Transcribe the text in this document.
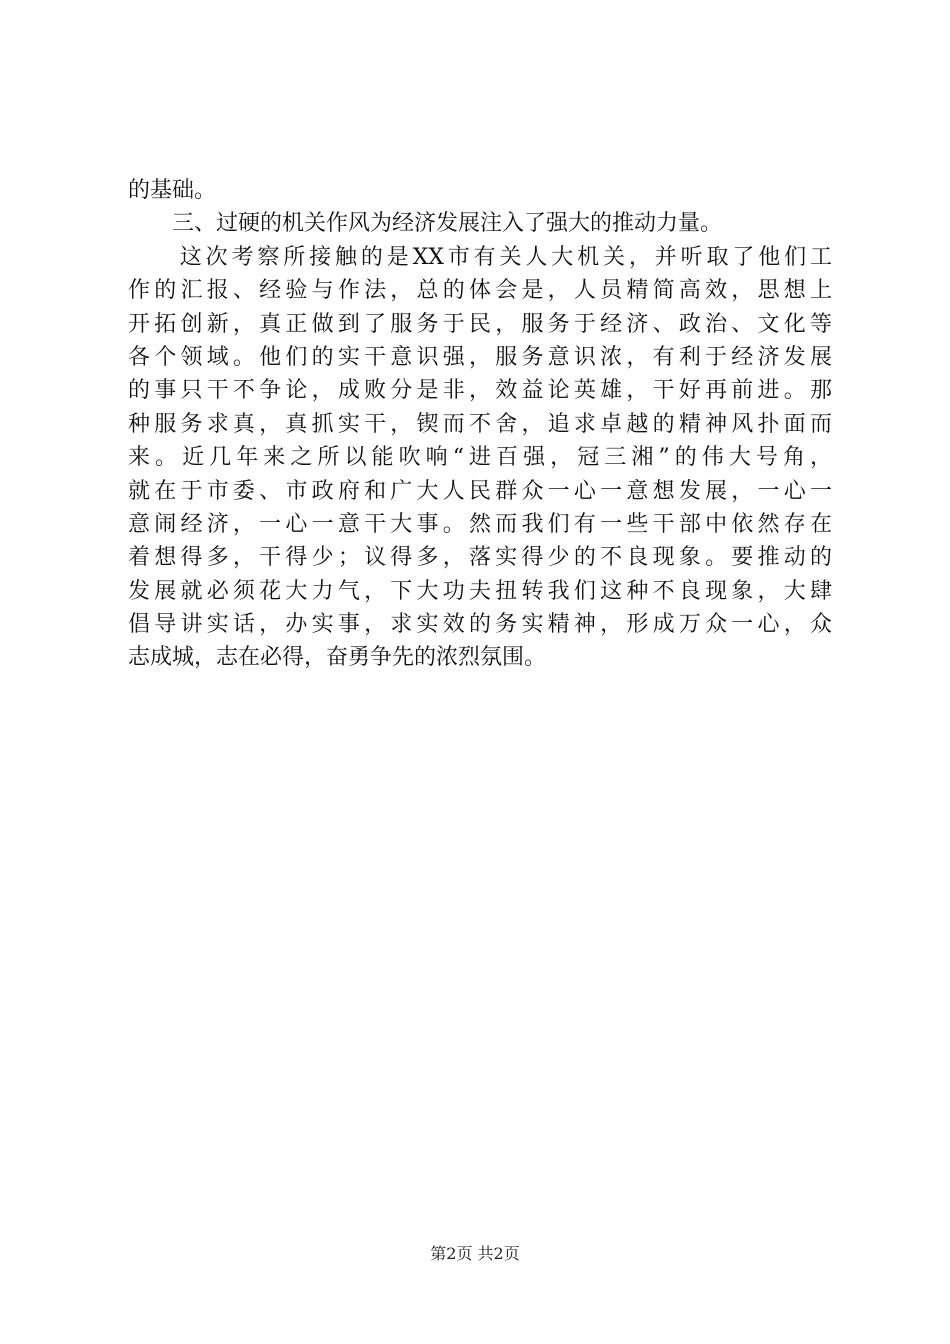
的基础。
　　三、过硬的机关作风为经济发展注入了强大的推动力量。
　　这次考察所接触的是XX市有关人大机关，并听取了他们工
作的汇报、经验与作法，总的体会是，人员精简高效，思想上
开拓创新，真正做到了服务于民，服务于经济、政治、文化等
各个领域。他们的实干意识强，服务意识浓，有利于经济发展
的事只干不争论，成败分是非，效益论英雄，干好再前进。那
种服务求真，真抓实干，锲而不舍，追求卓越的精神风扑面而
来。近几年来之所以能吹响“进百强，冠三湘”的伟大号角，
就在于市委、市政府和广大人民群众一心一意想发展，一心一
意闹经济，一心一意干大事。然而我们有一些干部中依然存在
着想得多，干得少；议得多，落实得少的不良现象。要推动的
发展就必须花大力气，下大功夫扭转我们这种不良现象，大肆
倡导讲实话，办实事，求实效的务实精神，形成万众一心，众
志成城，志在必得，奋勇争先的浓烈氛围。
第2页 共2页
